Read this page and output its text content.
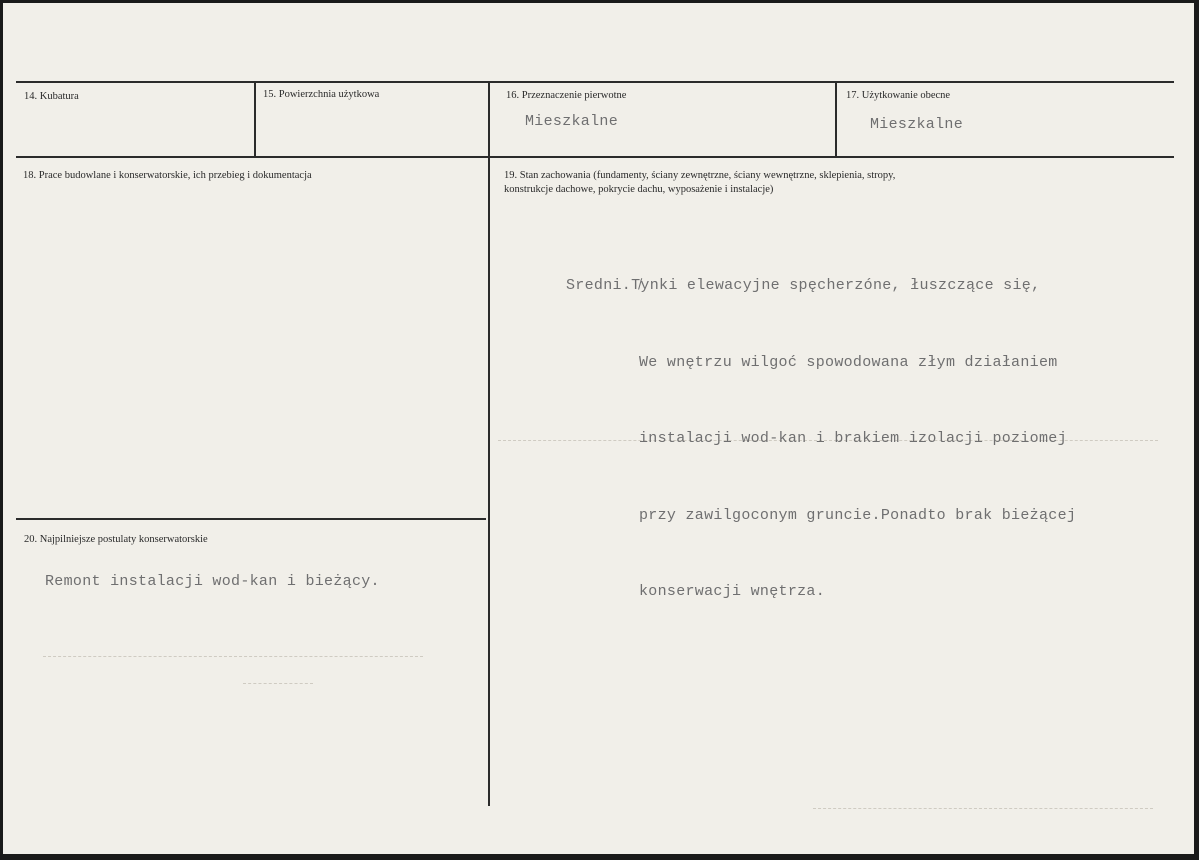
14. Kubatura	15. Powierzchnia użytkowa	16. Przeznaczenie pierwotne
Mieszkalne
17. Użytkowanie obecne
Mieszkalne
18. Prace budowlane i konserwatorskie, ich przebieg i dokumentacja	19. Stan zachowania (fundamenty, ściany zewnętrzne, ściany wewnętrzne, sklepienia, stropy,
konstrukcje dachowe, pokrycie dachu, wyposażenie i instalacje)

Sredni.T̸ynki elewacyjne spęcherzóne, łuszczące się,

We wnętrzu wilgoć spowodowana złym działaniem

instalacji wod-kan i brakiem izolacji poziomej

przy zawilgoconym gruncie.Ponadto brak bieżącej

konserwacji wnętrza.

20. Najpilniejsze postulaty konserwatorskie
Remont instalacji wod-kan i bieżący.
